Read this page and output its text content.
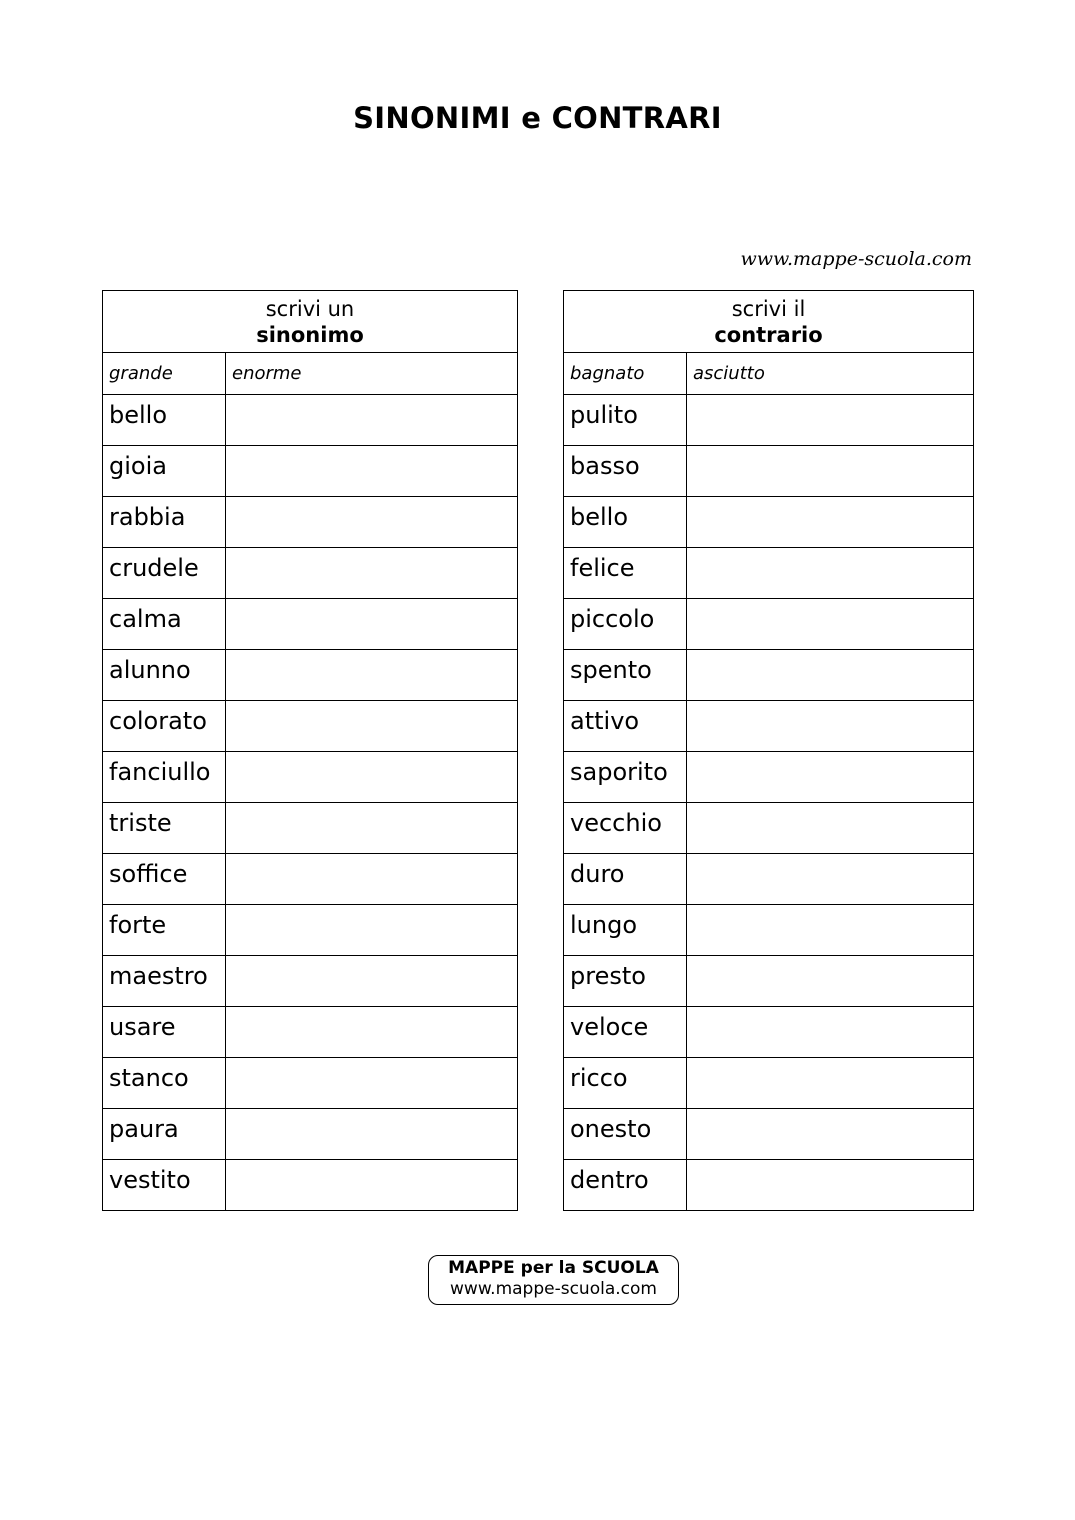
SINONIMI e CONTRARI
www.mappe-scuola.com
scrivi un
sinonimo	
grande	enorme
bello	
gioia	
rabbia	
crudele	
calma	
alunno	
colorato	
fanciullo	
triste	
soffice	
forte	
maestro	
usare	
stanco	
paura	
vestito	
scrivi il
contrario	
bagnato	asciutto
pulito	
basso	
bello	
felice	
piccolo	
spento	
attivo	
saporito	
vecchio	
duro	
lungo	
presto	
veloce	
ricco	
onesto	
dentro	
MAPPE per la SCUOLA
www.mappe-scuola.com
